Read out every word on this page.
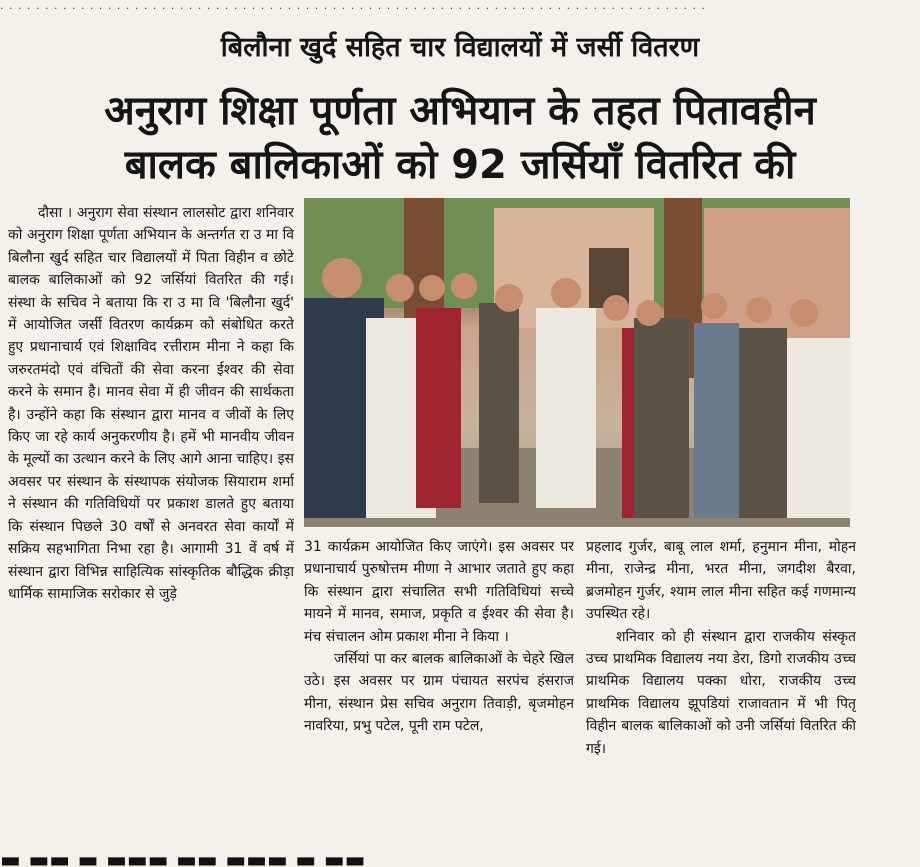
. . . . . . . . . . . . . . . . . . . . . . . . . . . . . . . . . . . . . . . . . . . . . . . . . . . . . . . . . . . . . . . . . . . . . . . . . . . . . . .
बिलौना खुर्द सहित चार विद्यालयों में जर्सी वितरण
अनुराग शिक्षा पूर्णता अभियान के तहत पितावहीन
बालक बालिकाओं को 92 जर्सियाँ वितरित की

दौसा । अनुराग सेवा संस्थान लालसोट द्वारा शनिवार को अनुराग शिक्षा पूर्णता अभियान के अन्तर्गत रा उ मा वि बिलौना खुर्द सहित चार विद्यालयों में पिता विहीन व छोटे बालक बालिकाओं को 92 जर्सियां वितरित की गई। संस्था के सचिव ने बताया कि रा उ मा वि 'बिलौना खुर्द' में आयोजित जर्सी वितरण कार्यक्रम को संबोधित करते हुए प्रधानाचार्य एवं शिक्षाविद रत्तीराम मीना ने कहा कि जरुरतमंदो एवं वंचितों की सेवा करना ईश्वर की सेवा करने के समान है। मानव सेवा में ही जीवन की सार्थकता है। उन्होंने कहा कि संस्थान द्वारा मानव व जीवों के लिए किए जा रहे कार्य अनुकरणीय है। हमें भी मानवीय जीवन के मूल्यों का उत्थान करने के लिए आगे आना चाहिए। इस अवसर पर संस्थान के संस्थापक संयोजक सियाराम शर्मा ने संस्थान की गतिविधियों पर प्रकाश डालते हुए बताया कि संस्थान पिछले 30 वर्षों से अनवरत सेवा कार्यों में सक्रिय सहभागिता निभा रहा है। आगामी 31 वें वर्ष में संस्थान द्वारा विभिन्न साहित्यिक सांस्कृतिक बौद्धिक क्रीड़ा धार्मिक सामाजिक सरोकार से जुड़े

31 कार्यक्रम आयोजित किए जाएंगे। इस अवसर पर प्रधानाचार्य पुरुषोत्तम मीणा ने आभार जताते हुए कहा कि संस्थान द्वारा संचालित सभी गतिविधियां सच्चे मायने में मानव, समाज, प्रकृति व ईश्वर की सेवा है। मंच संचालन ओम प्रकाश मीना ने किया ।

जर्सियां पा कर बालक बालिकाओं के चेहरे खिल उठे। इस अवसर पर ग्राम पंचायत सरपंच हंसराज मीना, संस्थान प्रेस सचिव अनुराग तिवाड़ी, बृजमोहन नावरिया, प्रभु पटेल, पूनी राम पटेल,

प्रहलाद गुर्जर, बाबू लाल शर्मा, हनुमान मीना, मोहन मीना, राजेन्द्र मीना, भरत मीना, जगदीश बैरवा, ब्रजमोहन गुर्जर, श्याम लाल मीना सहित कई गणमान्य उपस्थित रहे।

शनिवार को ही संस्थान द्वारा राजकीय संस्कृत उच्च प्राथमिक विद्यालय नया डेरा, डिगो राजकीय उच्च प्राथमिक विद्यालय पक्का धोरा, राजकीय उच्च प्राथमिक विद्यालय झूपडियां राजावतान में भी पितृ विहीन बालक बालिकाओं को उनी जर्सियां वितरित की गई।

▬ ▬▬ ▬ ▬▬▬ ▬▬ ▬▬▬ ▬ ▬▬
